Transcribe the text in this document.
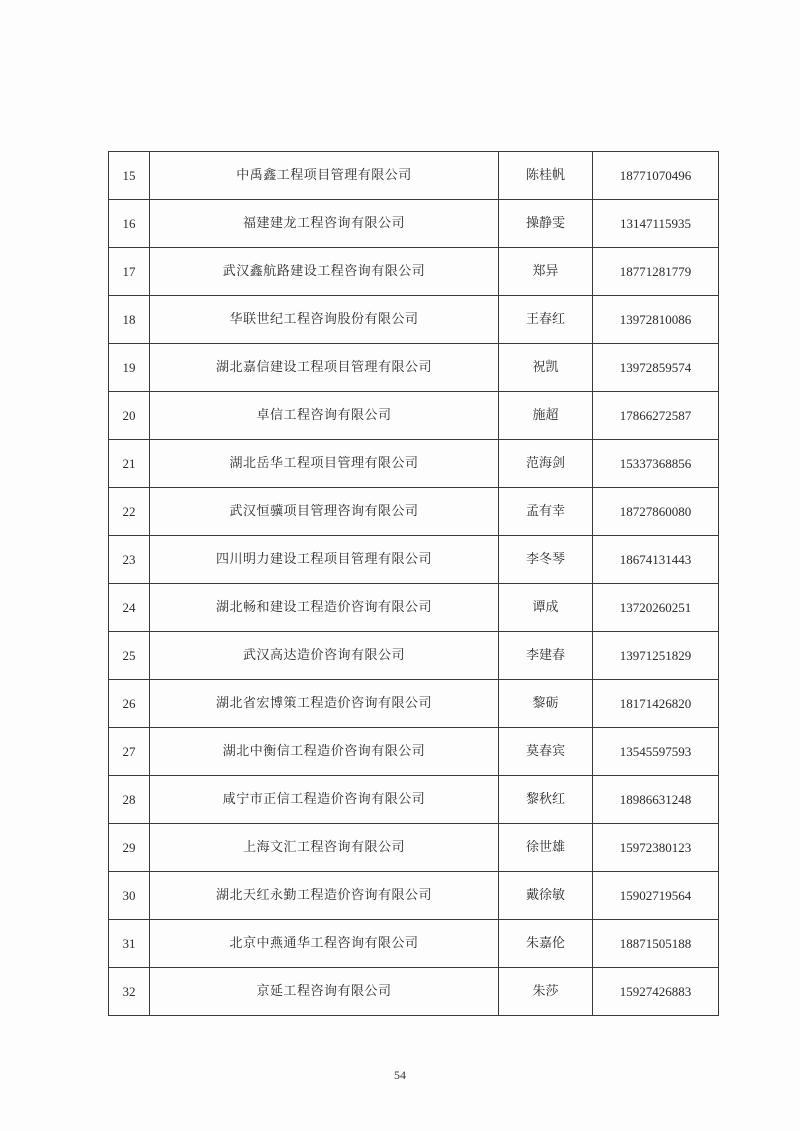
15	中禹鑫工程项目管理有限公司	陈桂帆	18771070496
16	福建建龙工程咨询有限公司	操静雯	13147115935
17	武汉鑫航路建设工程咨询有限公司	郑异	18771281779
18	华联世纪工程咨询股份有限公司	王春红	13972810086
19	湖北嘉信建设工程项目管理有限公司	祝凯	13972859574
20	卓信工程咨询有限公司	施超	17866272587
21	湖北岳华工程项目管理有限公司	范海剑	15337368856
22	武汉恒骥项目管理咨询有限公司	孟有幸	18727860080
23	四川明力建设工程项目管理有限公司	李冬琴	18674131443
24	湖北畅和建设工程造价咨询有限公司	谭成	13720260251
25	武汉高达造价咨询有限公司	李建春	13971251829
26	湖北省宏博策工程造价咨询有限公司	黎砺	18171426820
27	湖北中衡信工程造价咨询有限公司	莫春宾	13545597593
28	咸宁市正信工程造价咨询有限公司	黎秋红	18986631248
29	上海文汇工程咨询有限公司	徐世雄	15972380123
30	湖北天红永勤工程造价咨询有限公司	戴徐敏	15902719564
31	北京中燕通华工程咨询有限公司	朱嘉伦	18871505188
32	京延工程咨询有限公司	朱莎	15927426883
54
